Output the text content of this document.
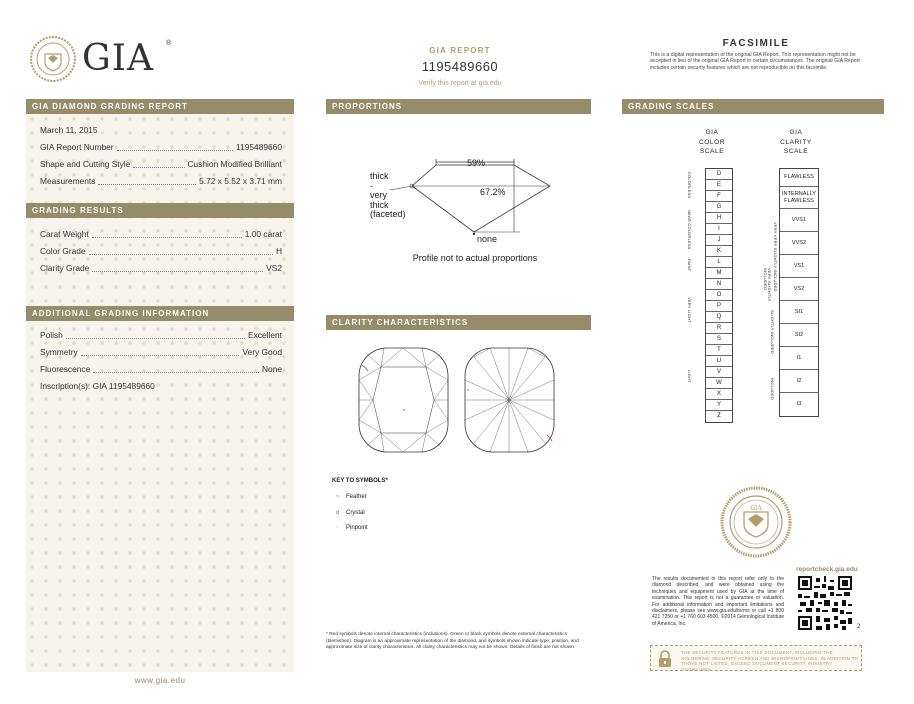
GIA ®
GIA REPORT
1195489660
Verify this report at gia.edu
FACSIMILE
This is a digital representation of the original GIA Report. This representation might not be accepted in lieu of the original GIA Report in certain circumstances. The original GIA Report includes certain security features which are not reproducible on this facsimile.
GIA DIAMOND GRADING REPORT
March 11, 2015
GIA Report Number	1195489660
Shape and Cutting Style	Cushion Modified Brilliant
Measurements	5.72 x 5.52 x 3.71 mm
GRADING RESULTS
Carat Weight	1.00 carat
Color Grade	H
Clarity Grade	VS2
ADDITIONAL GRADING INFORMATION
Polish	Excellent
Symmetry	Very Good
Fluorescence	None
Inscription(s): GIA 1195489660
www.gia.edu
PROPORTIONS
59%
67.2%
thick
-
very
thick
(faceted)
none
Profile not to actual proportions
CLARITY CHARACTERISTICS
KEY TO SYMBOLS*
~ Feather
o Crystal
· Pinpoint
* Red symbols denote internal characteristics (inclusions). Green or black symbols denote external characteristics (blemishes). Diagram is an approximate representation of the diamond, and symbols shown indicate type, position, and approximate size of clarity characteristics. All clarity characteristics may not be shown. Details of finish are not shown.
GRADING SCALES
GIA
COLOR
SCALE
GIA
CLARITY
SCALE
D
E
F
G
H
I
J
K
L
M
N
O
P
Q
R
S
T
U
V
W
X
Y
Z
FLAWLESS
INTERNALLY FLAWLESS
VVS1
VVS2
VS1
VS2
SI1
SI2
I1
I2
I3
COLORLESS
NEAR COLORLESS
FAINT
VERY LIGHT
LIGHT
VERY VERY SLIGHTLY INCLUDED
VERY SLIGHTLY INCLUDED
SLIGHTLY INCLUDED
INCLUDED
GIA
reportcheck.gia.edu
The results documented in this report refer only to the diamond described, and were obtained using the techniques and equipment used by GIA at the time of examination. This report is not a guarantee or valuation. For additional information and important limitations and disclaimers, please see www.gia.edu/terms or call +1 800 421 7250 or +1 760 603 4500. ©2014 Gemological Institute of America, Inc.
2
THE SECURITY FEATURES IN THIS DOCUMENT, INCLUDING THE HOLOGRAM, SECURITY SCREEN AND MICROPRINT LINES, IN ADDITION TO THOSE NOT LISTED, EXCEED DOCUMENT SECURITY INDUSTRY GUIDELINES.
